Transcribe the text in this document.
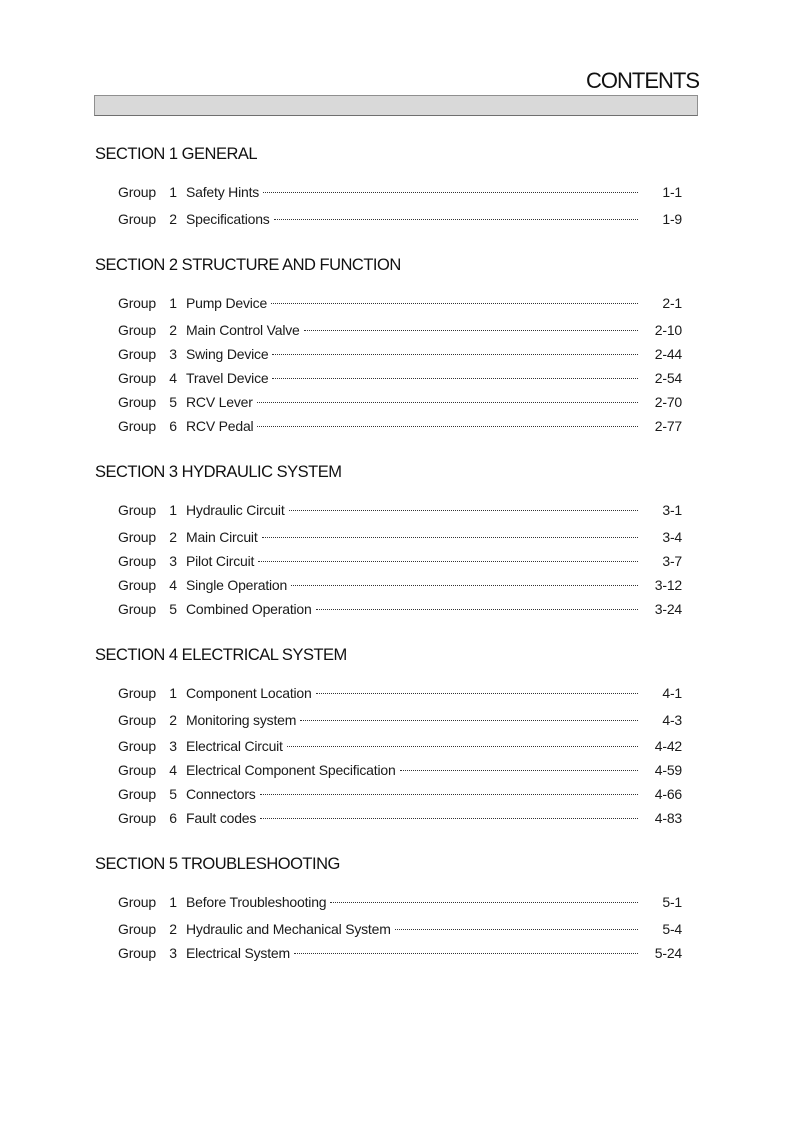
CONTENTS
SECTION 1 GENERAL
Group 1 Safety Hints	1-1
Group 2 Specifications	1-9
SECTION 2 STRUCTURE AND FUNCTION
Group 1 Pump Device	2-1
Group 2 Main Control Valve	2-10
Group 3 Swing Device	2-44
Group 4 Travel Device	2-54
Group 5 RCV Lever	2-70
Group 6 RCV Pedal	2-77
SECTION 3 HYDRAULIC SYSTEM
Group 1 Hydraulic Circuit	3-1
Group 2 Main Circuit	3-4
Group 3 Pilot Circuit	3-7
Group 4 Single Operation	3-12
Group 5 Combined Operation	3-24
SECTION 4 ELECTRICAL SYSTEM
Group 1 Component Location	4-1
Group 2 Monitoring system	4-3
Group 3 Electrical Circuit	4-42
Group 4 Electrical Component Specification	4-59
Group 5 Connectors	4-66
Group 6 Fault codes	4-83
SECTION 5 TROUBLESHOOTING
Group 1 Before Troubleshooting	5-1
Group 2 Hydraulic and Mechanical System	5-4
Group 3 Electrical System	5-24
